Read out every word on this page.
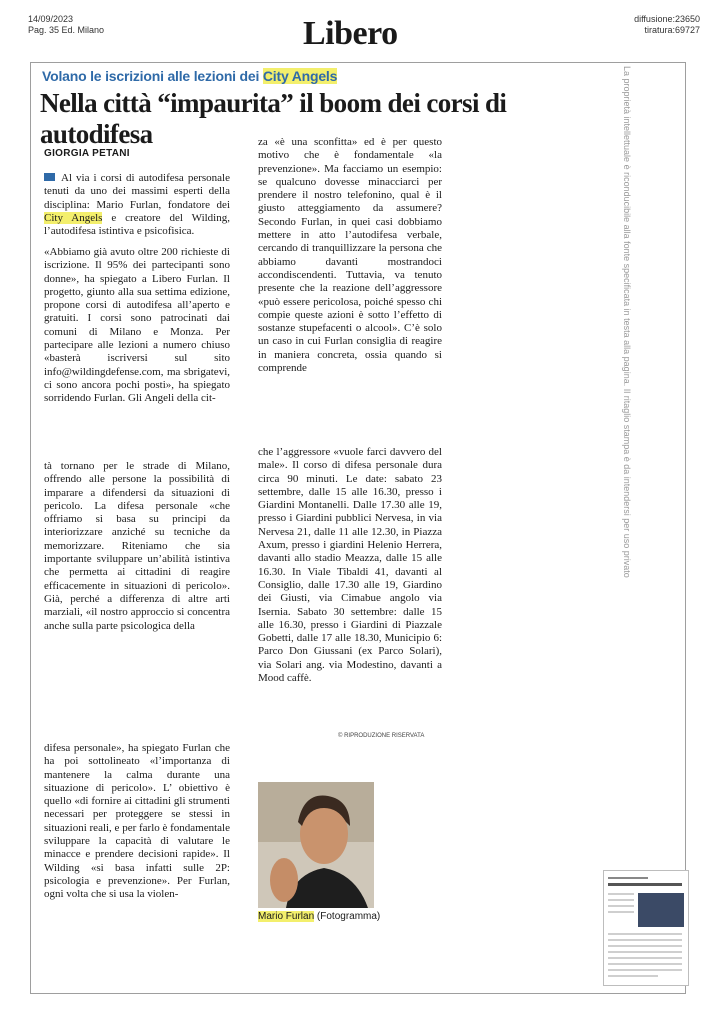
14/09/2023
Pag. 35 Ed. Milano	Libero	diffusione:23650
tiratura:69727

Volano le iscrizioni alle lezioni dei City Angels

Nella città “impaurita” il boom dei corsi di autodifesa
GIORGIA PETANI

Al via i corsi di autodifesa personale tenuti da uno dei massimi esperti della disciplina: Mario Furlan, fondatore dei City Angels e creatore del Wilding, l’autodifesa istintiva e psicofisica.

«Abbiamo già avuto oltre 200 richieste di iscrizione. Il 95% dei partecipanti sono donne», ha spiegato a Libero Furlan. Il progetto, giunto alla sua settima edizione, propone corsi di autodifesa all’aperto e gratuiti. I corsi sono patrocinati dai comuni di Milano e Monza. Per partecipare alle lezioni a numero chiuso «basterà iscriversi sul sito info@wildingdefense.com, ma sbrigatevi, ci sono ancora pochi posti», ha spiegato sorridendo Furlan. Gli Angeli della cit-

tà tornano per le strade di Milano, offrendo alle persone la possibilità di imparare a difendersi da situazioni di pericolo. La difesa personale «che offriamo si basa su principi da interiorizzare anziché su tecniche da memorizzare. Riteniamo che sia importante sviluppare un’abilità istintiva che permetta ai cittadini di reagire efficacemente in situazioni di pericolo». Già, perché a differenza di altre arti marziali, «il nostro approccio si concentra anche sulla parte psicologica della

difesa personale», ha spiegato Furlan che ha poi sottolineato «l’importanza di mantenere la calma durante una situazione di pericolo». L’ obiettivo è quello «di fornire ai cittadini gli strumenti necessari per proteggere se stessi in situazioni reali, e per farlo è fondamentale sviluppare la capacità di valutare le minacce e prendere decisioni rapide». Il Wilding «si basa infatti sulle 2P: psicologia e prevenzione». Per Furlan, ogni volta che si usa la violen-

za «è una sconfitta» ed è per questo motivo che è fondamentale «la prevenzione». Ma facciamo un esempio: se qualcuno dovesse minacciarci per prendere il nostro telefonino, qual è il giusto atteggiamento da assumere? Secondo Furlan, in quei casi dobbiamo mettere in atto l’autodifesa verbale, cercando di tranquillizzare la persona che abbiamo davanti mostrandoci accondiscendenti. Tuttavia, va tenuto presente che la reazione dell’aggressore «può essere pericolosa, poiché spesso chi compie queste azioni è sotto l’effetto di sostanze stupefacenti o alcool». C’è solo un caso in cui Furlan consiglia di reagire in maniera concreta, ossia quando si comprende

che l’aggressore «vuole farci davvero del male». Il corso di difesa personale dura circa 90 minuti. Le date: sabato 23 settembre, dalle 15 alle 16.30, presso i Giardini Montanelli. Dalle 17.30 alle 19, presso i Giardini pubblici Nervesa, in via Nervesa 21, dalle 11 alle 12.30, in Piazza Axum, presso i giardini Helenio Herrera, davanti allo stadio Meazza, dalle 15 alle 16.30. In Viale Tibaldi 41, davanti al Consiglio, dalle 17.30 alle 19, Giardino dei Giusti, via Cimabue angolo via Isernia. Sabato 30 settembre: dalle 15 alle 16.30, presso i Giardini di Piazzale Gobetti, dalle 17 alle 18.30, Municipio 6: Parco Don Giussani (ex Parco Solari), via Solari ang. via Modestino, davanti a Mood caffè.

© RIPRODUZIONE RISERVATA
Mario Furlan (Fotogramma)
La proprietà intellettuale è riconducibile alla fonte specificata in testa alla pagina. Il ritaglio stampa è da intendersi per uso privato
